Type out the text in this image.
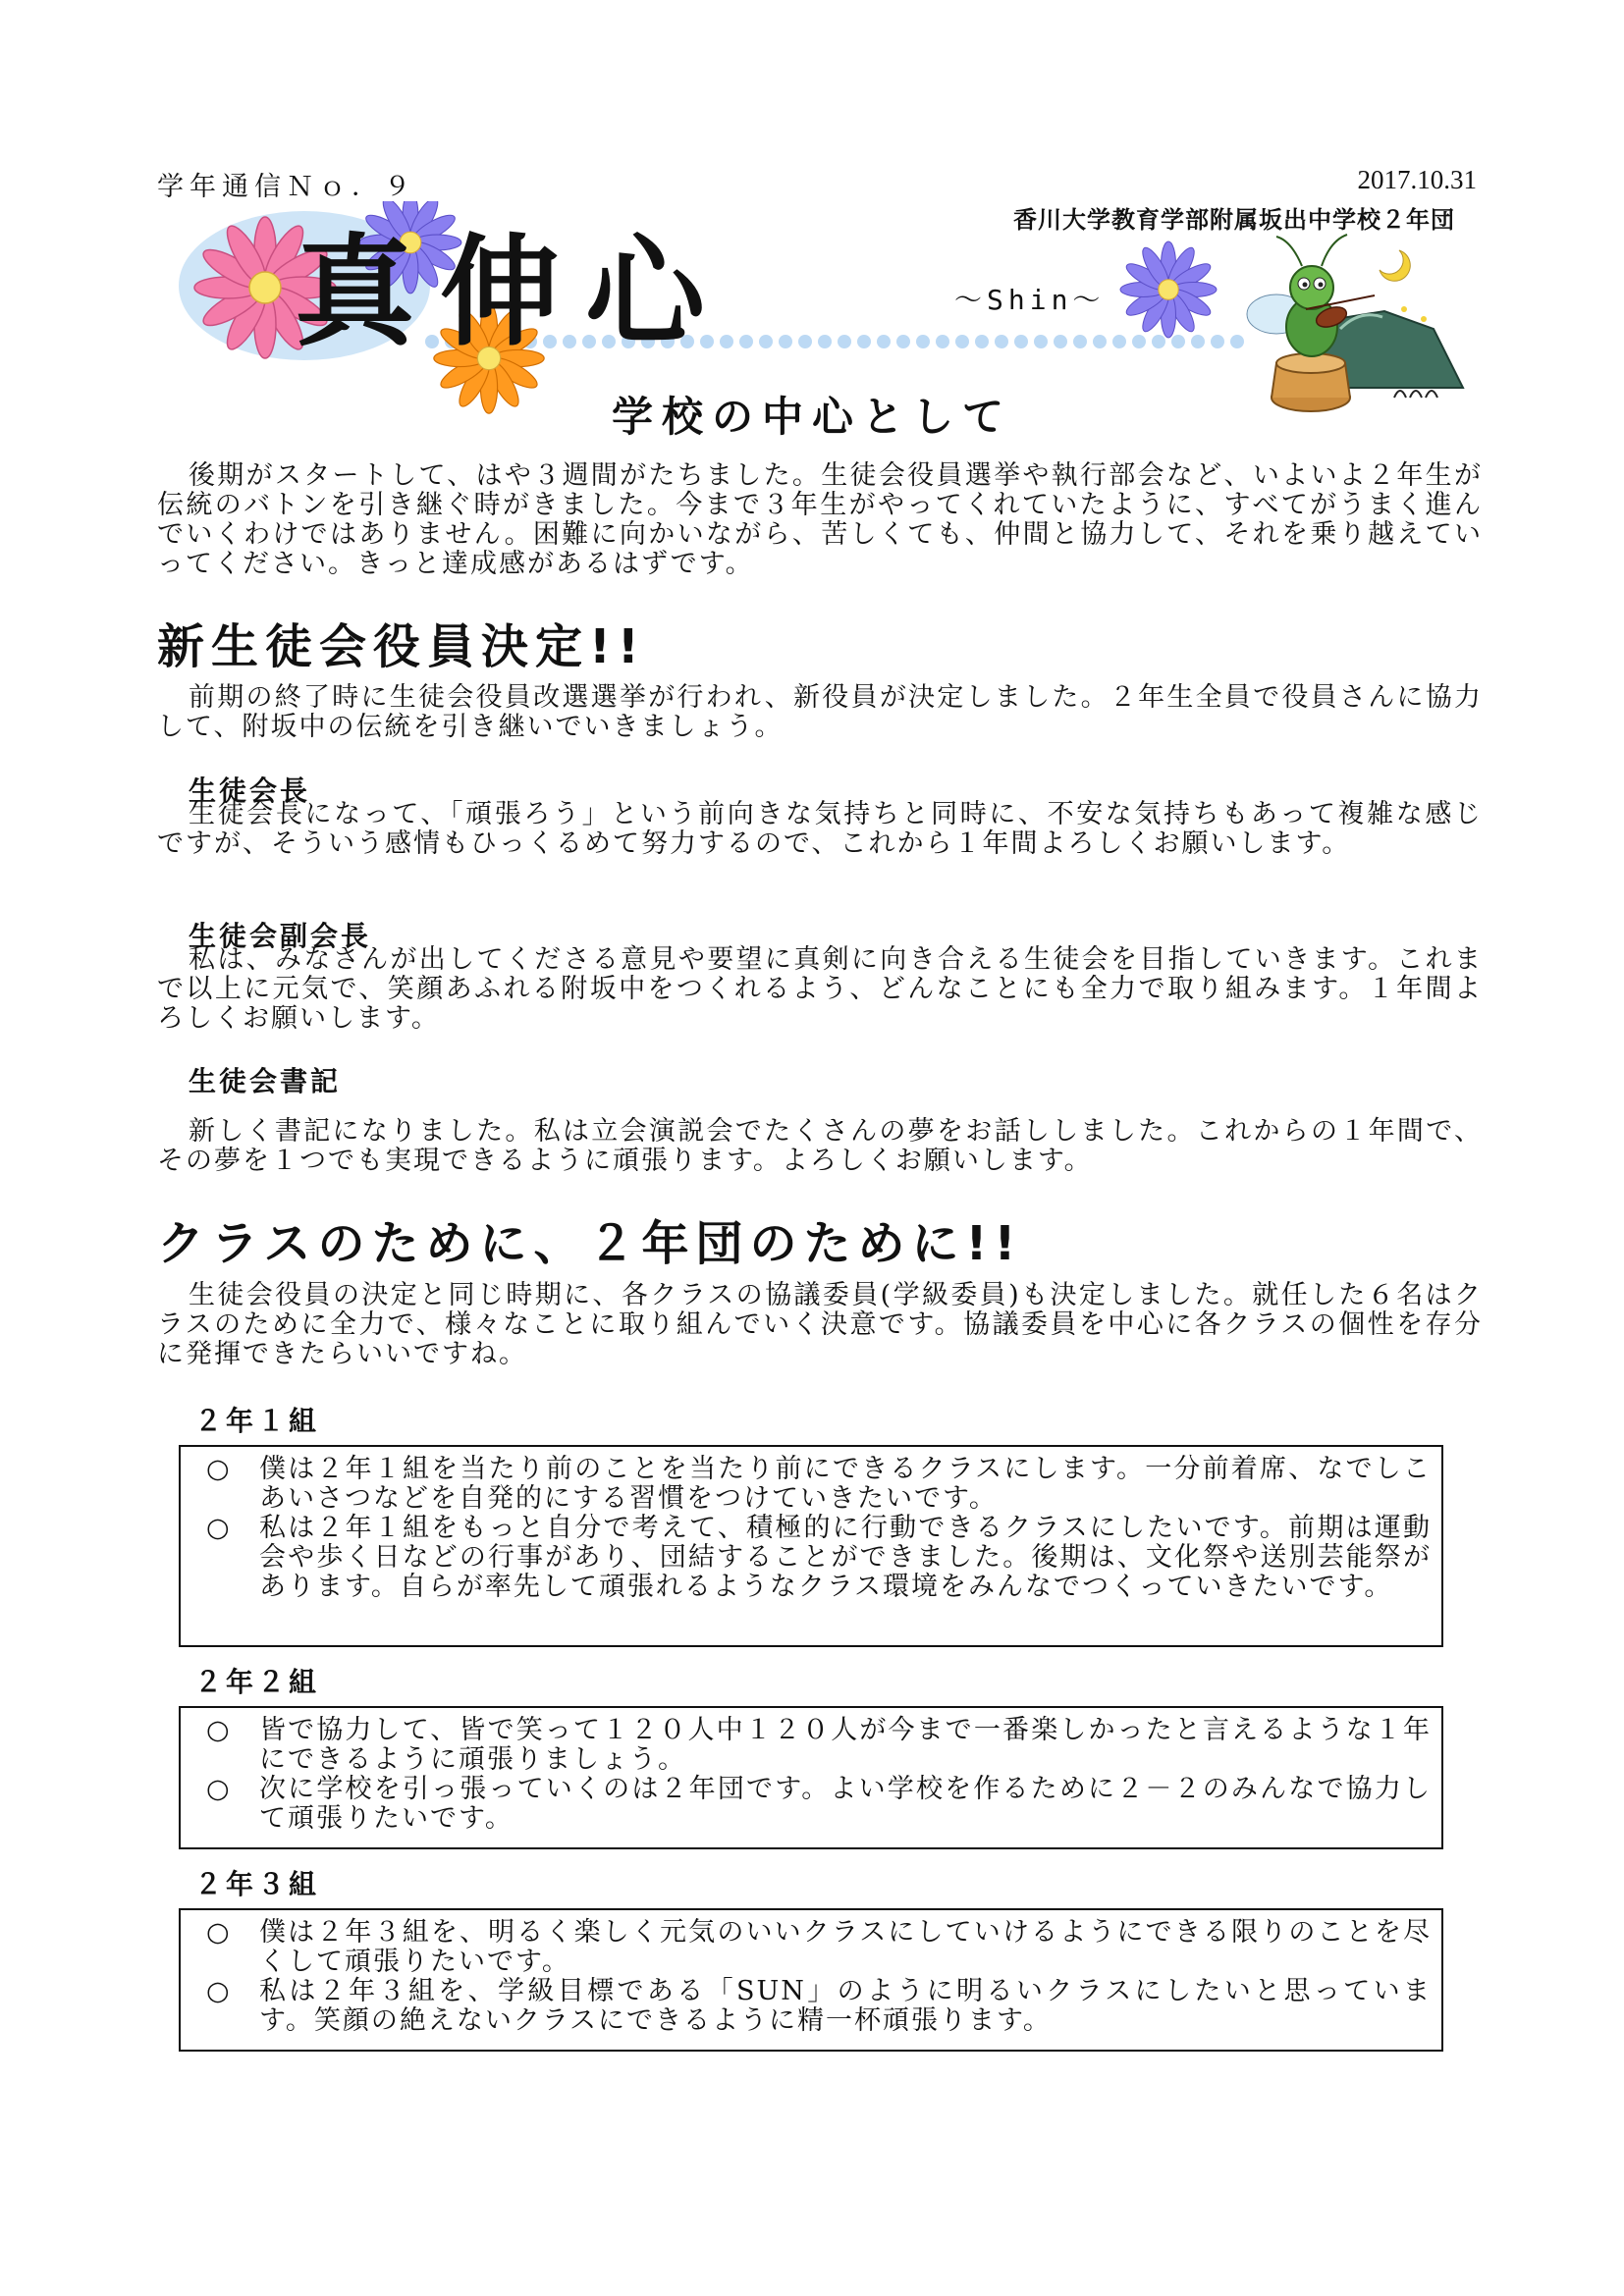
学年通信Ｎｏ．９	2017.10.31
香川大学教育学部附属坂出中学校２年団
真伸心	〜Shin〜
学校の中心として
後期がスタートして、はや３週間がたちました。生徒会役員選挙や執行部会など、いよいよ２年生が伝統のバトンを引き継ぐ時がきました。今まで３年生がやってくれていたように、すべてがうまく進んでいくわけではありません。困難に向かいながら、苦しくても、仲間と協力して、それを乗り越えていってください。きっと達成感があるはずです。
新生徒会役員決定!!
前期の終了時に生徒会役員改選選挙が行われ、新役員が決定しました。２年生全員で役員さんに協力して、附坂中の伝統を引き継いでいきましょう。
生徒会長
生徒会長になって、「頑張ろう」という前向きな気持ちと同時に、不安な気持ちもあって複雑な感じですが、そういう感情もひっくるめて努力するので、これから１年間よろしくお願いします。
生徒会副会長
私は、みなさんが出してくださる意見や要望に真剣に向き合える生徒会を目指していきます。これまで以上に元気で、笑顔あふれる附坂中をつくれるよう、どんなことにも全力で取り組みます。１年間よろしくお願いします。
生徒会書記
新しく書記になりました。私は立会演説会でたくさんの夢をお話ししました。これからの１年間で、その夢を１つでも実現できるように頑張ります。よろしくお願いします。
クラスのために、２年団のために!!
生徒会役員の決定と同じ時期に、各クラスの協議委員(学級委員)も決定しました。就任した６名はクラスのために全力で、様々なことに取り組んでいく決意です。協議委員を中心に各クラスの個性を存分に発揮できたらいいですね。
２年１組
○	僕は２年１組を当たり前のことを当たり前にできるクラスにします。一分前着席、なでしこあいさつなどを自発的にする習慣をつけていきたいです。
○	私は２年１組をもっと自分で考えて、積極的に行動できるクラスにしたいです。前期は運動会や歩く日などの行事があり、団結することができました。後期は、文化祭や送別芸能祭があります。自らが率先して頑張れるようなクラス環境をみんなでつくっていきたいです。
２年２組
○	皆で協力して、皆で笑って１２０人中１２０人が今まで一番楽しかったと言えるような１年にできるように頑張りましょう。
○	次に学校を引っ張っていくのは２年団です。よい学校を作るために２－２のみんなで協力して頑張りたいです。
２年３組
○	僕は２年３組を、明るく楽しく元気のいいクラスにしていけるようにできる限りのことを尽くして頑張りたいです。
○	私は２年３組を、学級目標である「SUN」のように明るいクラスにしたいと思っています。笑顔の絶えないクラスにできるように精一杯頑張ります。
